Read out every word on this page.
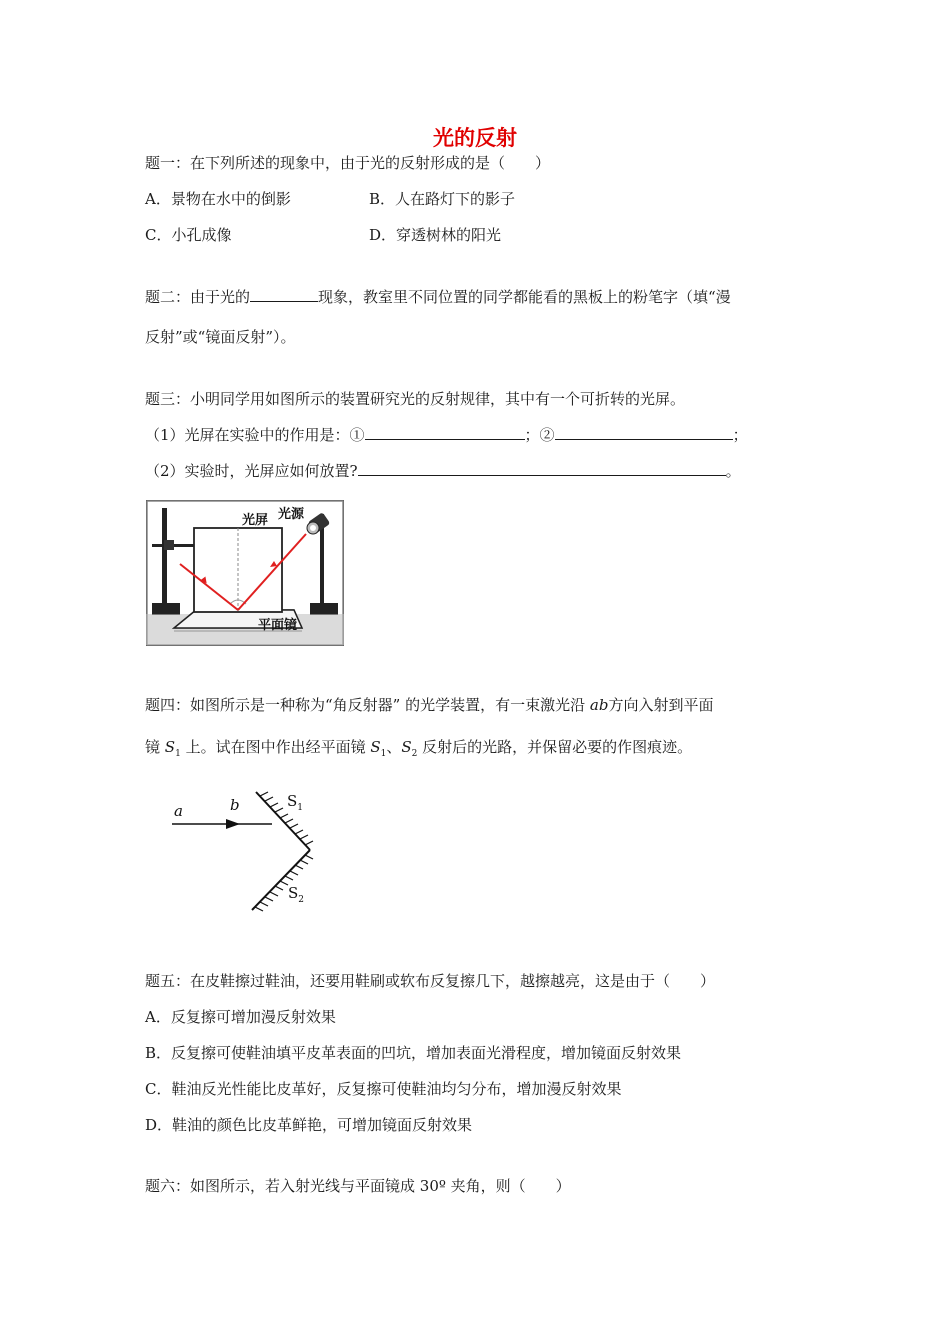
光的反射
题一：在下列所述的现象中，由于光的反射形成的是（　　）
A．景物在水中的倒影	B．人在路灯下的影子
C．小孔成像	D．穿透树林的阳光
题二：由于光的	现象，教室里不同位置的同学都能看的黑板上的粉笔字（填“漫
反射”或“镜面反射”）。
题三：小明同学用如图所示的装置研究光的反射规律，其中有一个可折转的光屏。
（1）光屏在实验中的作用是：①	；②	；
（2）实验时，光屏应如何放置?	。
光屏 光源
平面镜
题四：如图所示是一种称为“角反射器” 的光学装置，有一束激光沿 ab方向入射到平面
镜 $S_1$ 上。试在图中作出经平面镜 $S_1$、$S_2$ 反射后的光路，并保留必要的作图痕迹。
a	b	$S_1$
$S_2$
题五：在皮鞋擦过鞋油，还要用鞋刷或软布反复擦几下，越擦越亮，这是由于（　　）
A．反复擦可增加漫反射效果
B．反复擦可使鞋油填平皮革表面的凹坑，增加表面光滑程度，增加镜面反射效果
C．鞋油反光性能比皮革好，反复擦可使鞋油均匀分布，增加漫反射效果
D．鞋油的颜色比皮革鲜艳，可增加镜面反射效果
题六：如图所示，若入射光线与平面镜成 30º 夹角，则（　　）
